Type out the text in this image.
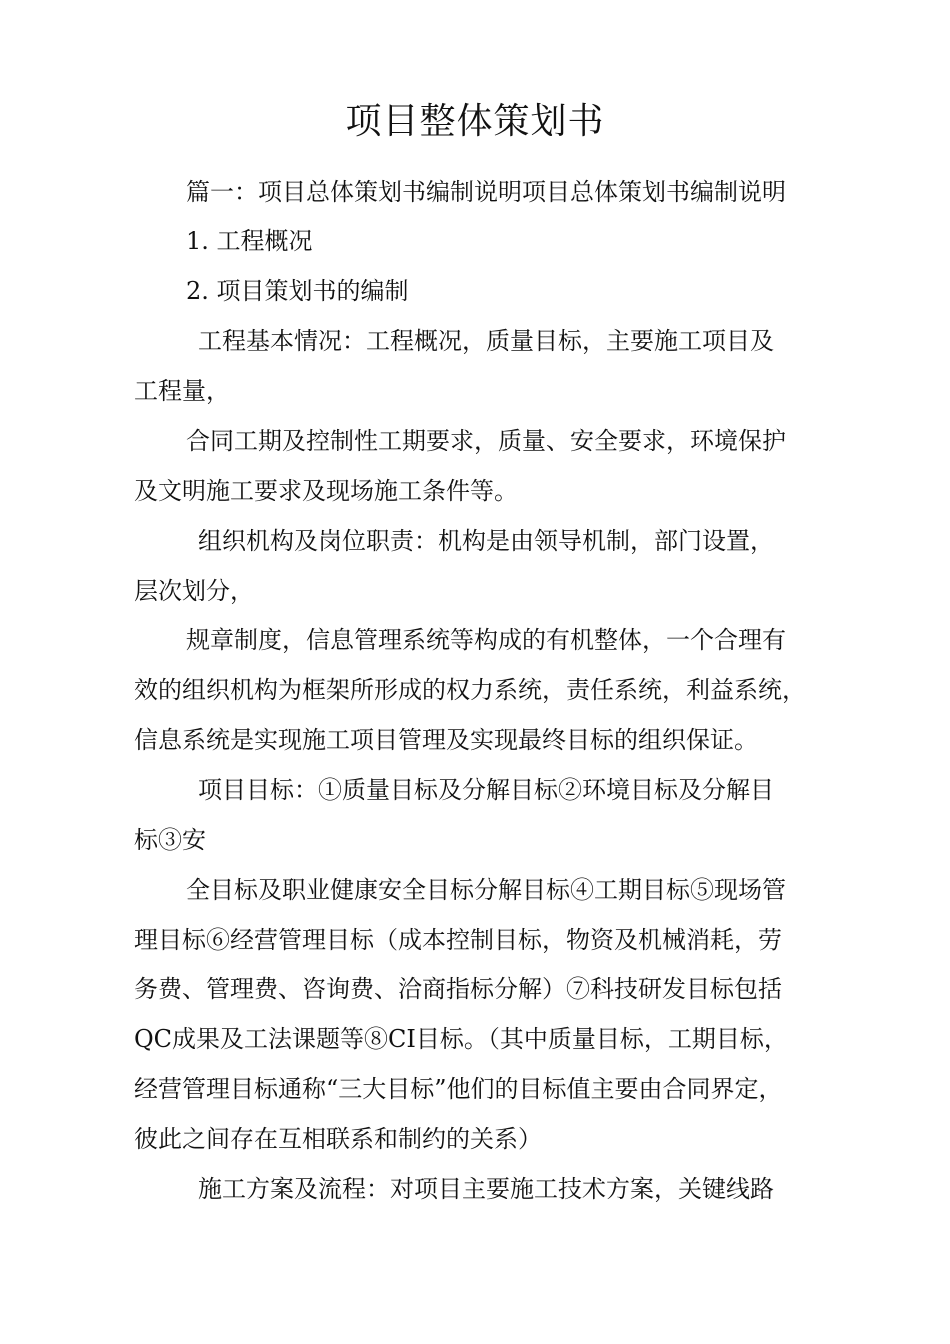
项目整体策划书
篇一：项目总体策划书编制说明项目总体策划书编制说明
1. 工程概况
2. 项目策划书的编制
工程基本情况：工程概况，质量目标，主要施工项目及
工程量，
合同工期及控制性工期要求，质量、安全要求，环境保护
及文明施工要求及现场施工条件等。
组织机构及岗位职责：机构是由领导机制，部门设置，
层次划分，
规章制度，信息管理系统等构成的有机整体，一个合理有
效的组织机构为框架所形成的权力系统，责任系统，利益系统，
信息系统是实现施工项目管理及实现最终目标的组织保证。
项目目标：①质量目标及分解目标②环境目标及分解目
标③安
全目标及职业健康安全目标分解目标④工期目标⑤现场管
理目标⑥经营管理目标（成本控制目标，物资及机械消耗，劳
务费、管理费、咨询费、洽商指标分解）⑦科技研发目标包括
QC成果及工法课题等⑧CI目标。（其中质量目标，工期目标，
经营管理目标通称“三大目标”他们的目标值主要由合同界定，
彼此之间存在互相联系和制约的关系）
施工方案及流程：对项目主要施工技术方案，关键线路
